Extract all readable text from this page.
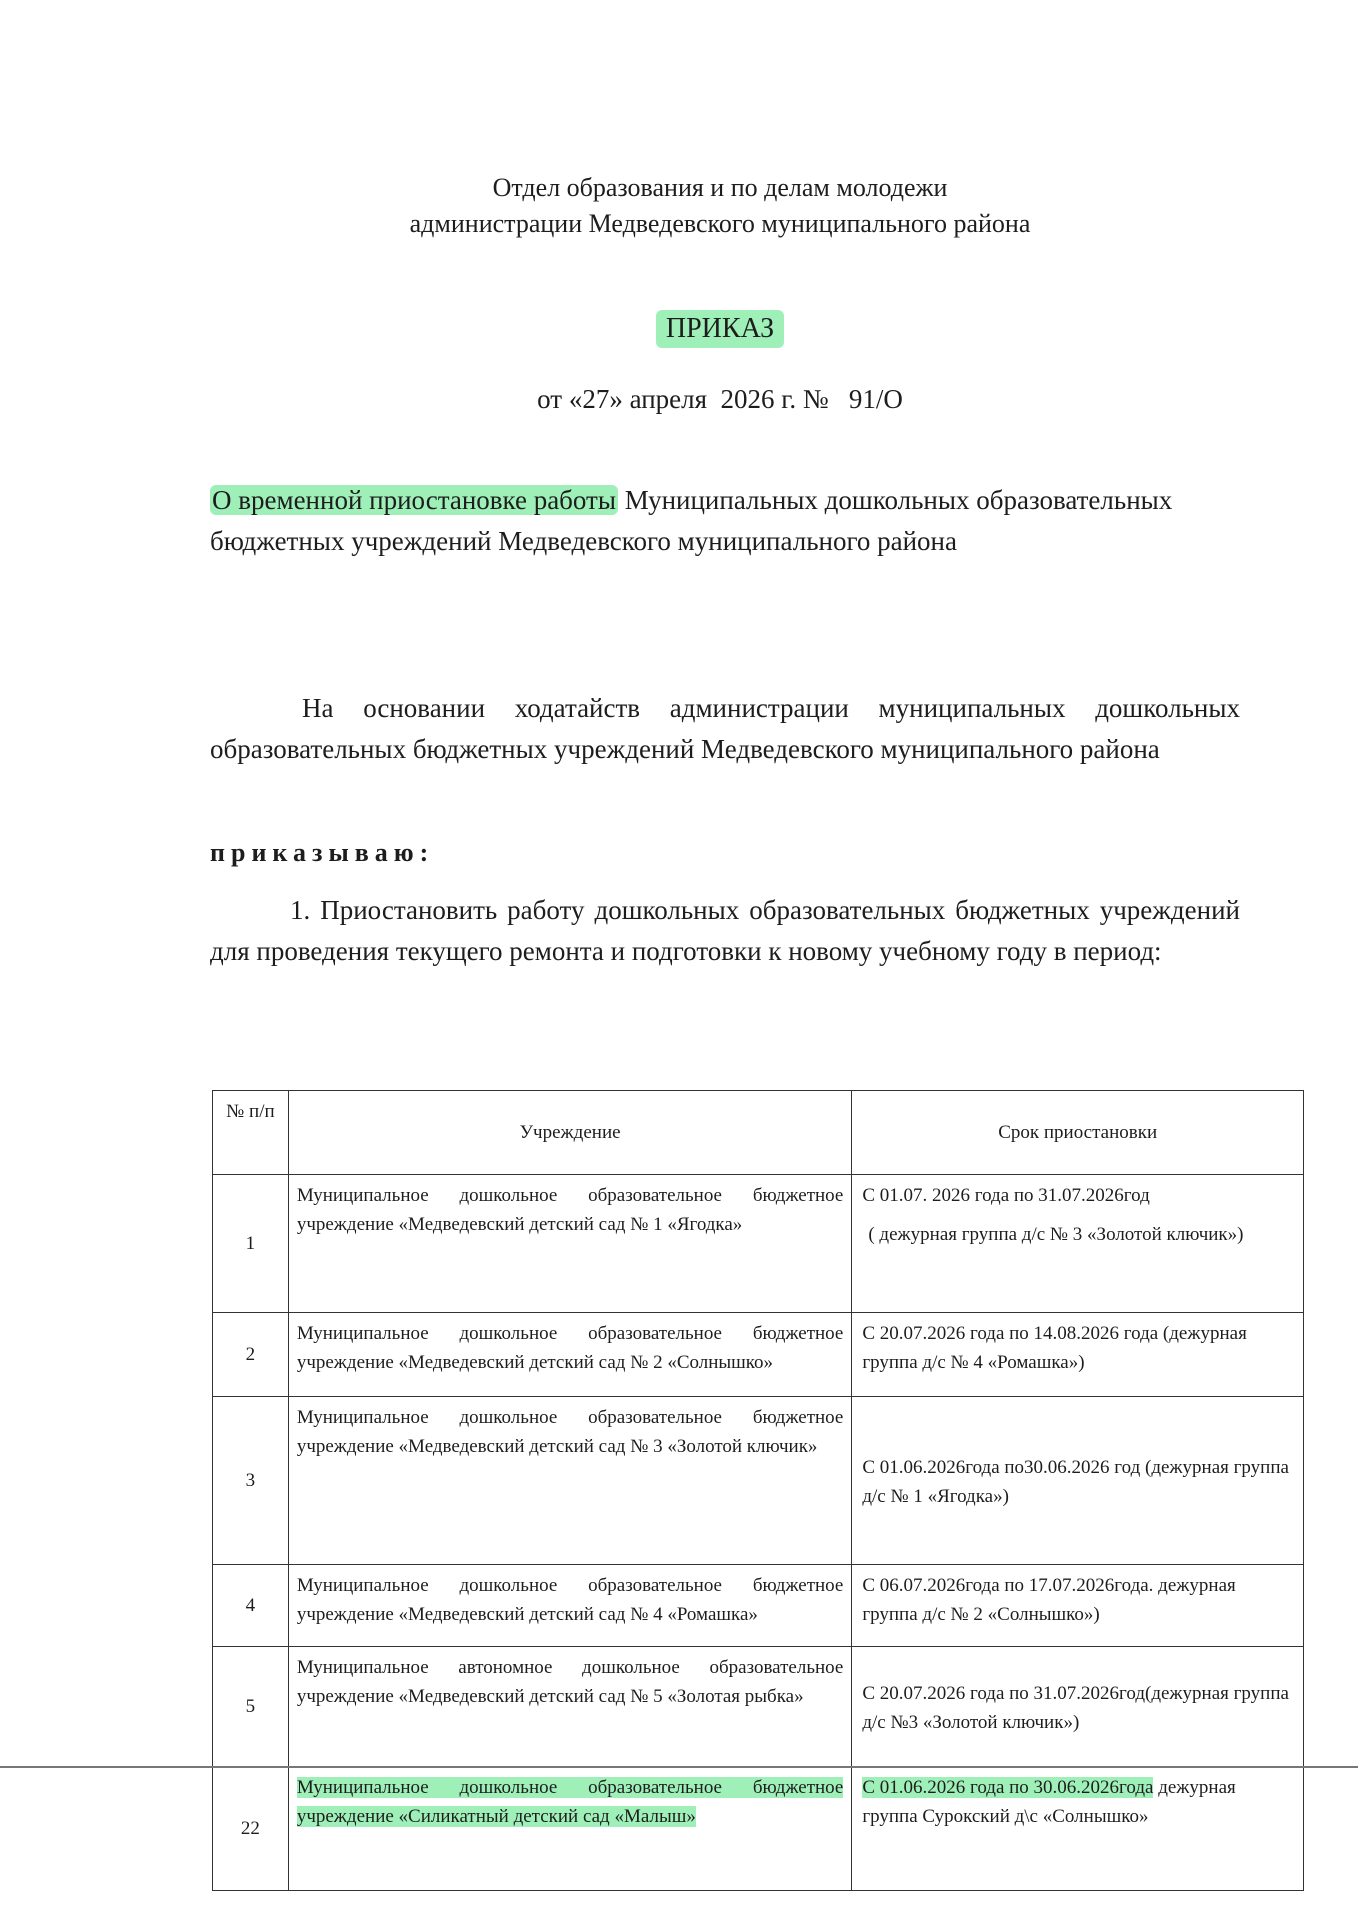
Отдел образования и по делам молодежи
администрации Медведевского муниципального района
ПРИКАЗ
от «27» апреля  2026 г. №   91/О
О временной приостановке работы Муниципальных дошкольных образовательных бюджетных учреждений Медведевского муниципального района
На основании ходатайств администрации муниципальных дошкольных образовательных бюджетных учреждений Медведевского муниципального района
приказываю:
1. Приостановить работу дошкольных образовательных бюджетных учреждений для проведения текущего ремонта и подготовки к новому учебному году в период:
№ п/п	Учреждение	Срок приостановки
1	Муниципальное дошкольное образовательное бюджетное учреждение «Медведевский детский сад № 1 «Ягодка»	С 01.07. 2026 года по 31.07.2026год
( дежурная группа д/с № 3 «Золотой ключик»)

2	Муниципальное дошкольное образовательное бюджетное учреждение «Медведевский детский сад № 2 «Солнышко»	С 20.07.2026 года по 14.08.2026 года (дежурная группа д/с № 4 «Ромашка»)
3	Муниципальное дошкольное образовательное бюджетное учреждение «Медведевский детский сад № 3 «Золотой ключик»	С 01.06.2026года по30.06.2026 год (дежурная группа д/с № 1 «Ягодка»)
4	Муниципальное дошкольное образовательное бюджетное учреждение «Медведевский детский сад № 4 «Ромашка»	С 06.07.2026года по 17.07.2026года. дежурная группа д/с № 2 «Солнышко»)
5	Муниципальное автономное дошкольное образовательное учреждение «Медведевский детский сад № 5 «Золотая рыбка»	С 20.07.2026 года по 31.07.2026год(дежурная группа д/с №3 «Золотой ключик»)
22	Муниципальное дошкольное образовательное бюджетное учреждение «Силикатный детский сад «Малыш»	С 01.06.2026 года по 30.06.2026года дежурная группа Сурокский д\с «Солнышко»
